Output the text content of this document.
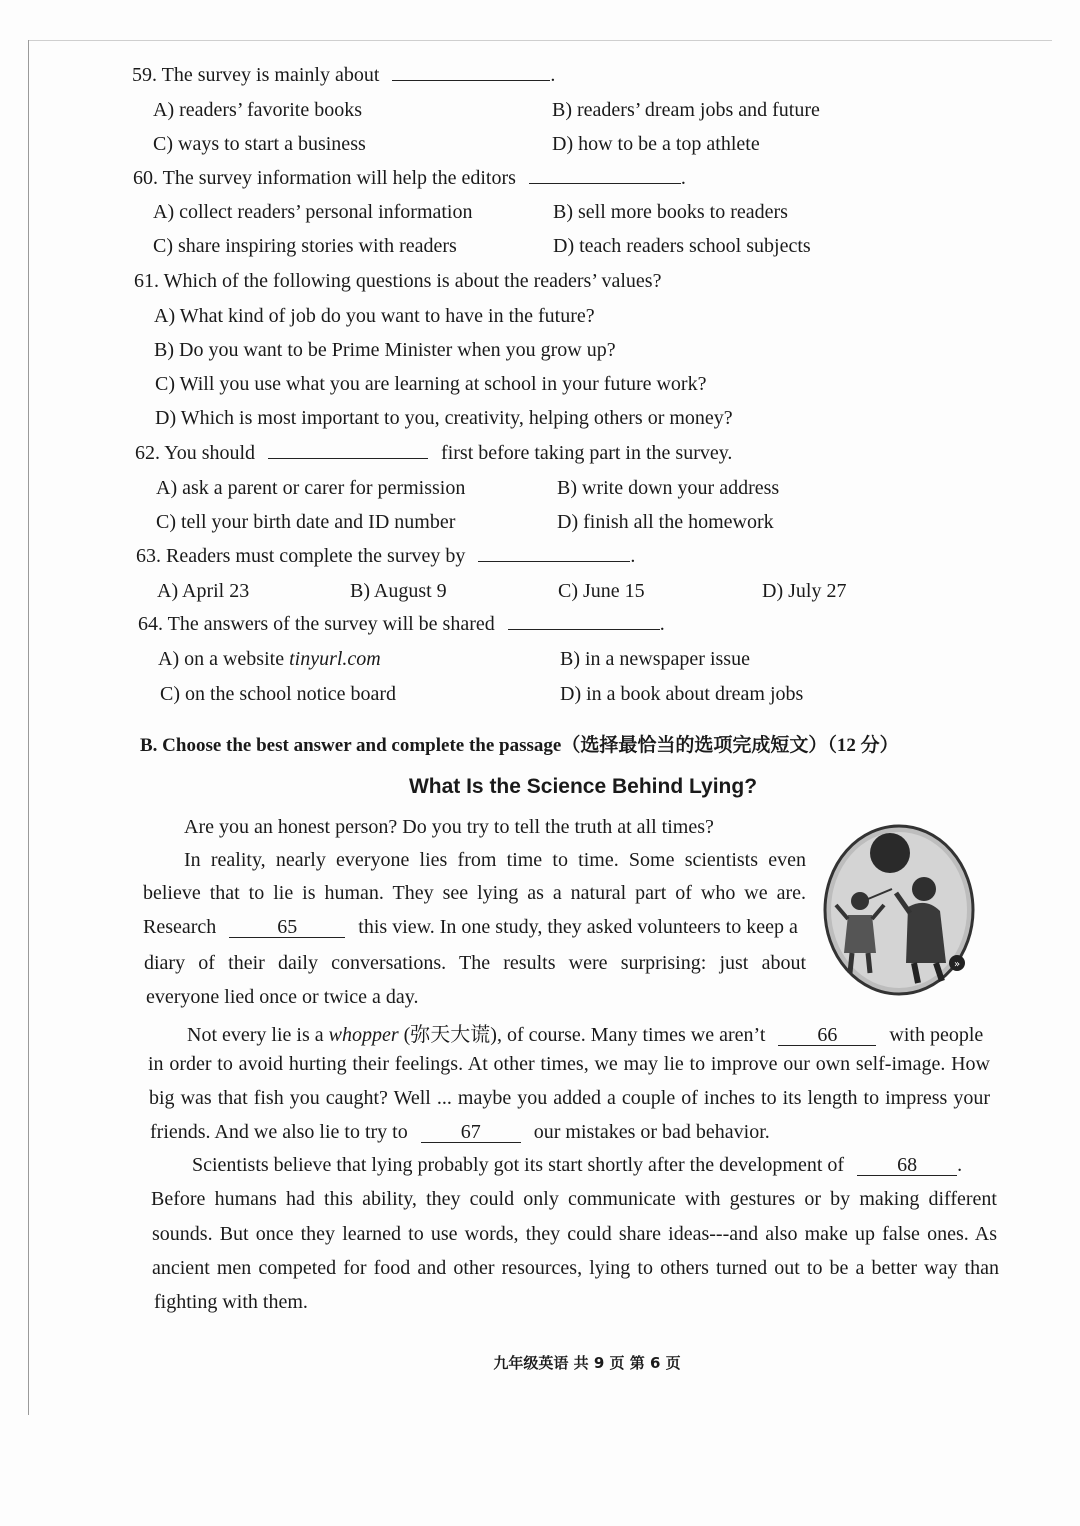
59. The survey is mainly about	.
A) readers’ favorite books	B) readers’ dream jobs and future
C) ways to start a business	D) how to be a top athlete
60. The survey information will help the editors	.
A) collect readers’ personal information	B) sell more books to readers
C) share inspiring stories with readers	D) teach readers school subjects
61. Which of the following questions is about the readers’ values?
A) What kind of job do you want to have in the future?
B) Do you want to be Prime Minister when you grow up?
C) Will you use what you are learning at school in your future work?
D) Which is most important to you, creativity, helping others or money?
62. You should	first before taking part in the survey.
A) ask a parent or carer for permission	B) write down your address
C) tell your birth date and ID number	D) finish all the homework
63. Readers must complete the survey by	.
A) April 23	B) August 9	C) June 15	D) July 27
64. The answers of the survey will be shared	.
A) on a website tinyurl.com	B) in a newspaper issue
C) on the school notice board	D) in a book about dream jobs
B. Choose the best answer and complete the passage（选择最恰当的选项完成短文）（12 分）
What Is the Science Behind Lying?
Are you an honest person? Do you try to tell the truth at all times?
In reality, nearly everyone lies from time to time. Some scientists even
believe that to lie is human. They see lying as a natural part of who we are.
Research	65	this view. In one study, they asked volunteers to keep a
diary of their daily conversations. The results were surprising: just about
everyone lied once or twice a day.
Not every lie is a whopper (弥天大谎), of course. Many times we aren’t	66	with people
in order to avoid hurting their feelings. At other times, we may lie to improve our own self-image. How
big was that fish you caught? Well ... maybe you added a couple of inches to its length to impress your
friends. And we also lie to try to	67	our mistakes or bad behavior.
Scientists believe that lying probably got its start shortly after the development of	68 .
Before humans had this ability, they could only communicate with gestures or by making different
sounds. But once they learned to use words, they could share ideas---and also make up false ones. As
ancient men competed for food and other resources, lying to others turned out to be a better way than
fighting with them.
»
九年级英语 共 9 页 第 6 页
